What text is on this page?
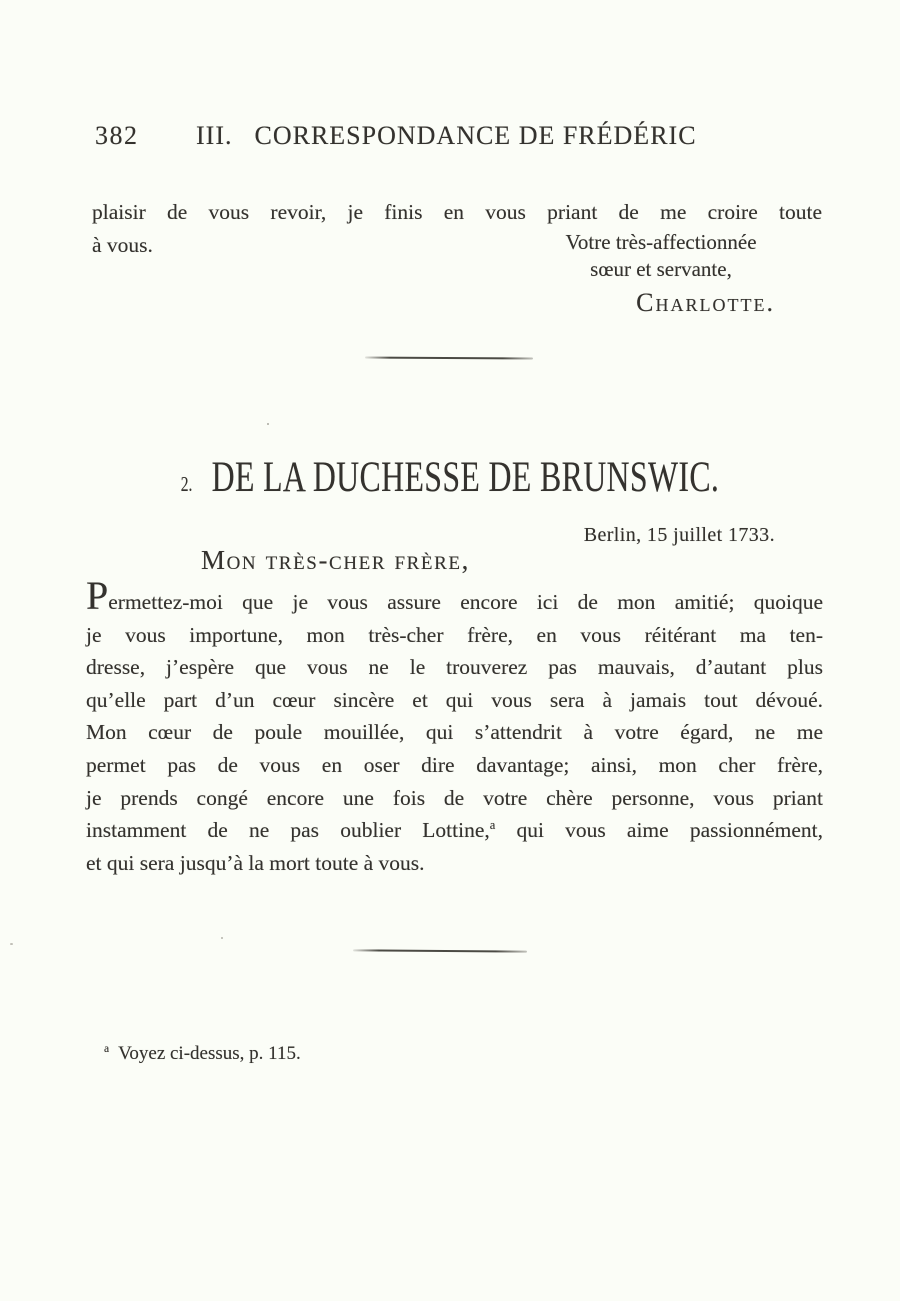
382 III. CORRESPONDANCE DE FRÉDÉRIC
plaisir de vous revoir, je finis en vous priant de me croire toute
à vous.	Votre très-affectionnée
sœur et servante,
Charlotte.
2. DE LA DUCHESSE DE BRUNSWIC.
Berlin, 15 juillet 1733.
Mon très-cher frère,
Permettez-moi que je vous assure encore ici de mon amitié; quoique
je vous importune, mon très-cher frère, en vous réitérant ma ten-
dresse, j’espère que vous ne le trouverez pas mauvais, d’autant plus
qu’elle part d’un cœur sincère et qui vous sera à jamais tout dévoué.
Mon cœur de poule mouillée, qui s’attendrit à votre égard, ne me
permet pas de vous en oser dire davantage; ainsi, mon cher frère,
je prends congé encore une fois de votre chère personne, vous priant
instamment de ne pas oublier Lottine,$^a$ qui vous aime passionnément,
et qui sera jusqu’à la mort toute à vous.
$^a$ Voyez ci-dessus, p. 115.
